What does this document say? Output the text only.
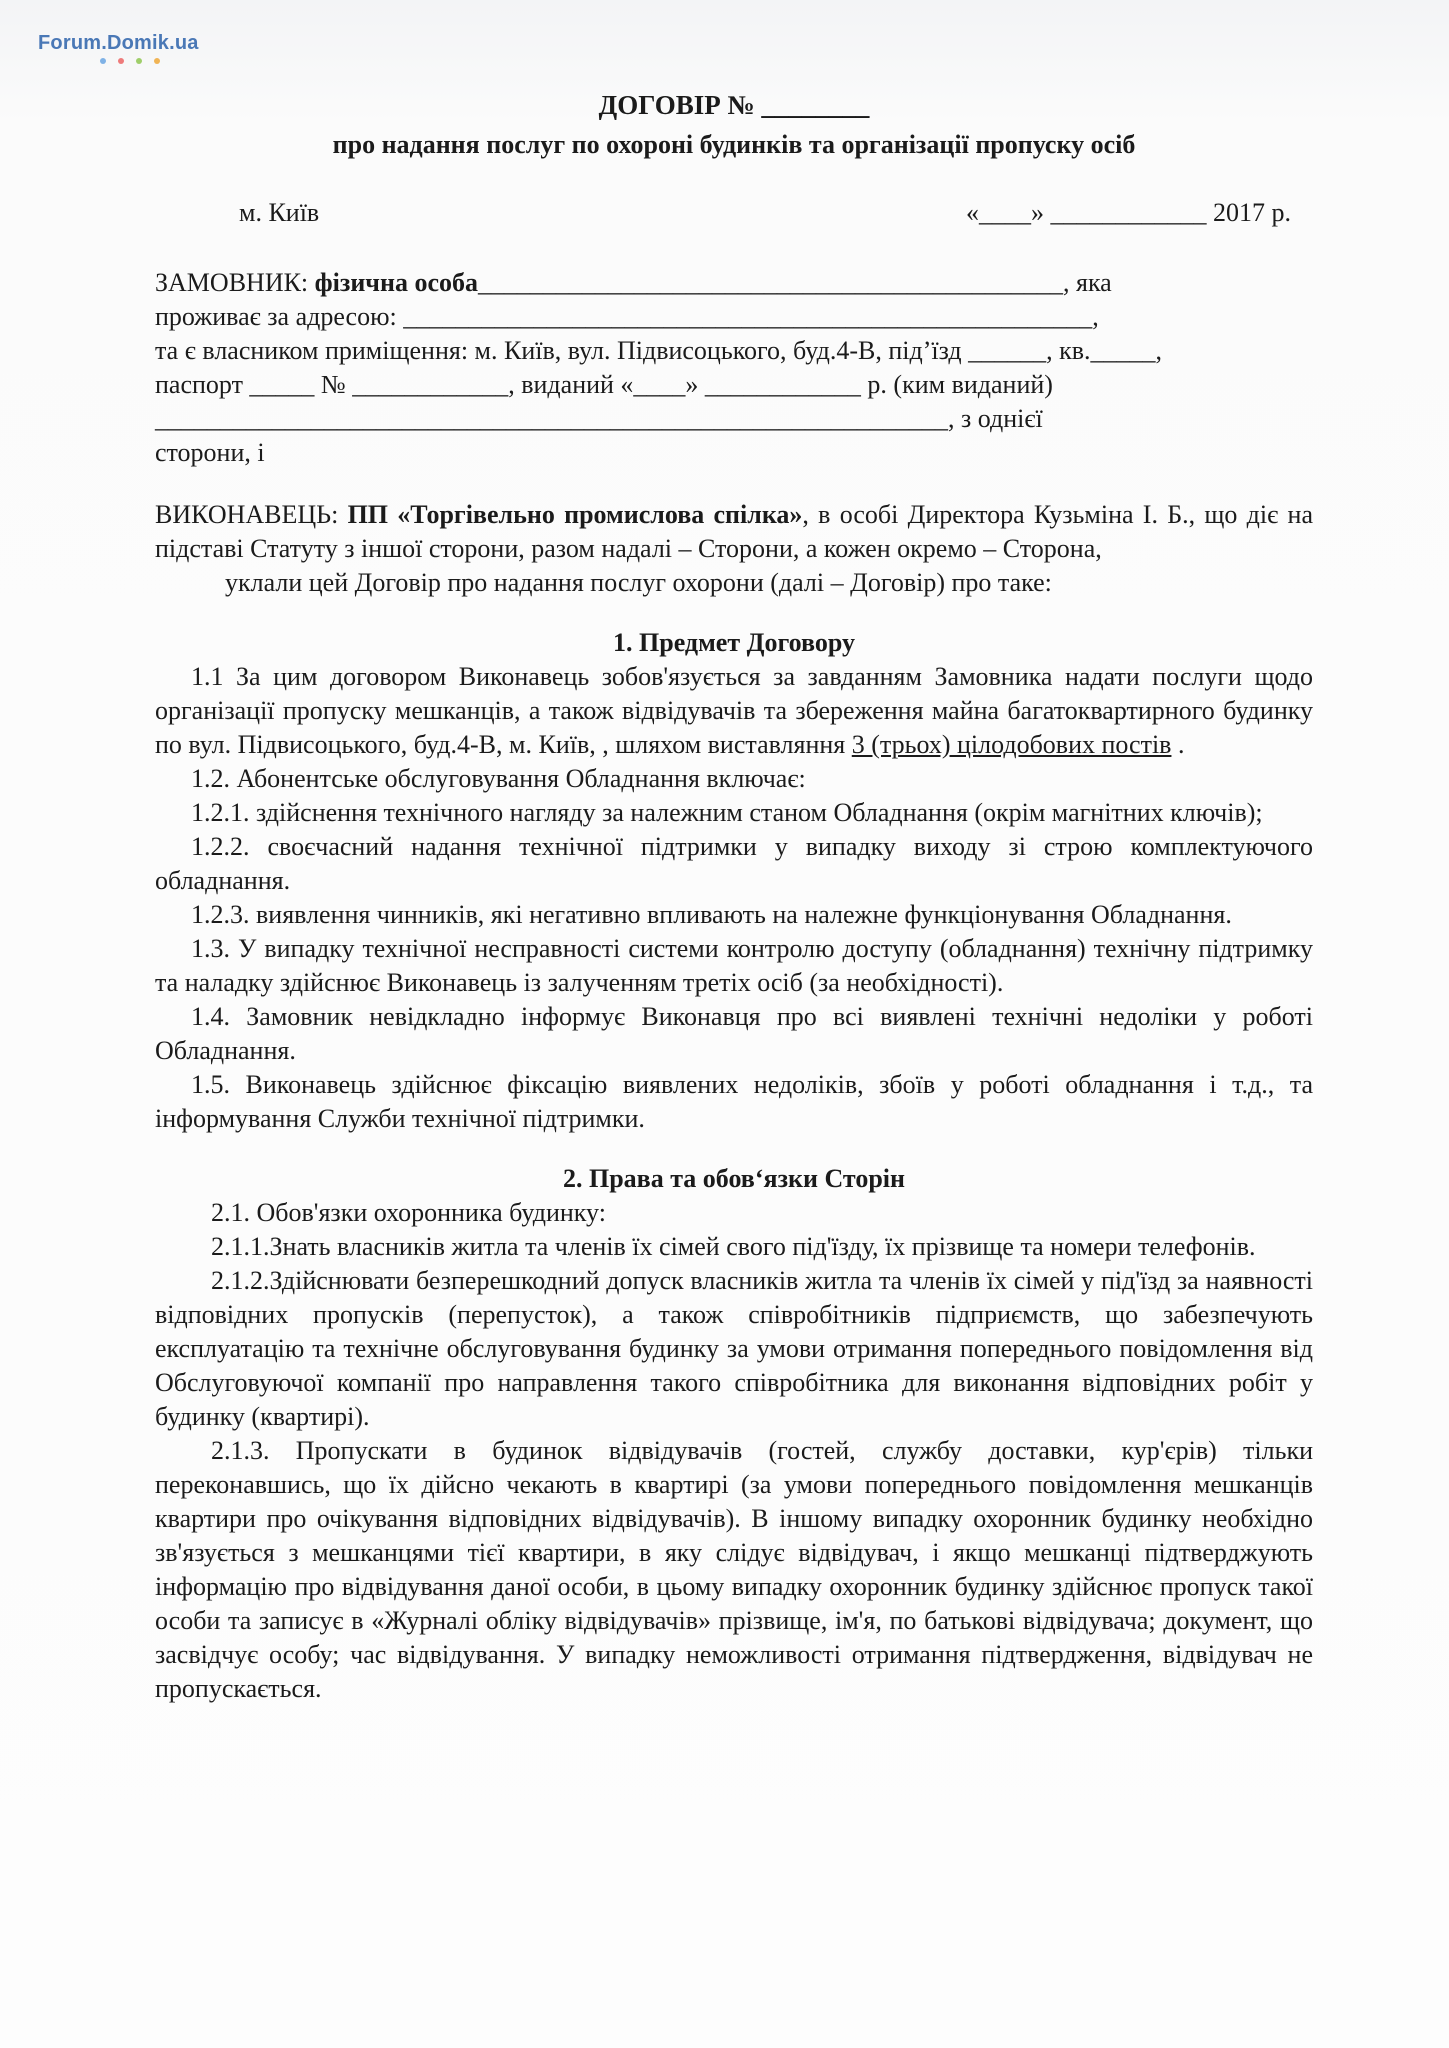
Forum.Domik.ua
ДОГОВІР № ________
про надання послуг по охороні будинків та організації пропуску осіб
м. Київ	«____» ____________ 2017 р.

ЗАМОВНИК: фізична особа_____________________________________________, яка

проживає за адресою: _____________________________________________________,

та є власником приміщення: м. Київ, вул. Підвисоцького, буд.4-В, під’їзд ______, кв._____,

паспорт _____ № ____________, виданий «____» ____________ р. (ким виданий)

_____________________________________________________________, з однієї

сторони, і

ВИКОНАВЕЦЬ: ПП «Торгівельно промислова спілка», в особі Директора Кузьміна І. Б., що діє на підставі Статуту з іншої сторони, разом надалі – Сторони, а кожен окремо – Сторона,

уклали цей Договір про надання послуг охорони (далі – Договір) про таке:

1. Предмет Договору

1.1 За цим договором Виконавець зобов'язується за завданням Замовника надати послуги щодо організації пропуску мешканців, а також відвідувачів та збереження майна багатоквартирного будинку по вул. Підвисоцького, буд.4-В, м. Київ, , шляхом виставляння 3 (трьох) цілодобових постів .

1.2. Абонентське обслуговування Обладнання включає:

1.2.1. здійснення технічного нагляду за належним станом Обладнання (окрім магнітних ключів);

1.2.2. своєчасний надання технічної підтримки у випадку виходу зі строю комплектуючого обладнання.

1.2.3. виявлення чинників, які негативно впливають на належне функціонування Обладнання.

1.3. У випадку технічної несправності системи контролю доступу (обладнання) технічну підтримку та наладку здійснює Виконавець із залученням третіх осіб (за необхідності).

1.4. Замовник невідкладно інформує Виконавця про всі виявлені технічні недоліки у роботі Обладнання.

1.5. Виконавець здійснює фіксацію виявлених недоліків, збоїв у роботі обладнання і т.д., та інформування Служби технічної підтримки.

2. Права та обов‘язки Сторін

2.1. Обов'язки охоронника будинку:

2.1.1.Знать власників житла та членів їх сімей свого під'їзду, їх прізвище та номери телефонів.

2.1.2.Здійснювати безперешкодний допуск власників житла та членів їх сімей у під'їзд за наявності відповідних пропусків (перепусток), а також співробітників підприємств, що забезпечують експлуатацію та технічне обслуговування будинку за умови отримання попереднього повідомлення від Обслуговуючої компанії про направлення такого співробітника для виконання відповідних робіт у будинку (квартирі).

2.1.3. Пропускати в будинок відвідувачів (гостей, службу доставки, кур'єрів) тільки переконавшись, що їх дійсно чекають в квартирі (за умови попереднього повідомлення мешканців квартири про очікування відповідних відвідувачів). В іншому випадку охоронник будинку необхідно зв'язується з мешканцями тієї квартири, в яку слідує відвідувач, і якщо мешканці підтверджують інформацію про відвідування даної особи, в цьому випадку охоронник будинку здійснює пропуск такої особи та записує в «Журналі обліку відвідувачів» прізвище, ім'я, по батькові відвідувача; документ, що засвідчує особу; час відвідування. У випадку неможливості отримання підтвердження, відвідувач не пропускається.
